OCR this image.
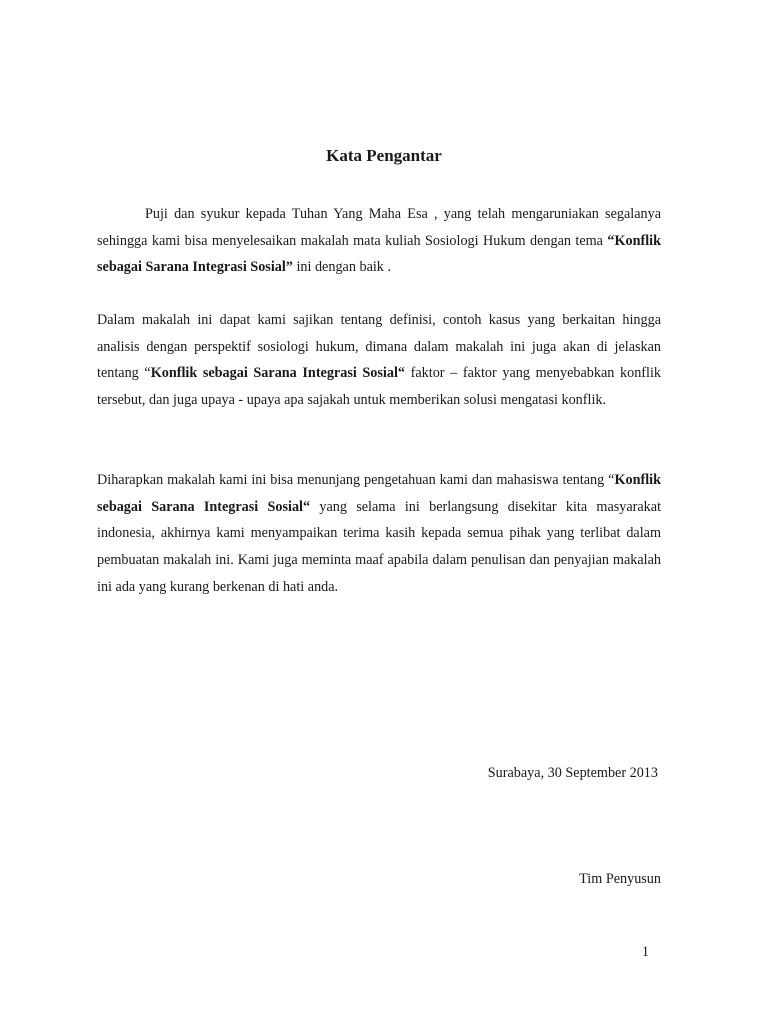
Kata Pengantar

Puji dan syukur kepada Tuhan Yang Maha Esa , yang telah mengaruniakan segalanya sehingga kami bisa menyelesaikan makalah mata kuliah Sosiologi Hukum dengan tema “Konflik sebagai Sarana Integrasi Sosial” ini dengan baik .

Dalam makalah ini dapat kami sajikan tentang definisi, contoh kasus yang berkaitan hingga analisis dengan perspektif sosiologi hukum, dimana dalam makalah ini juga akan di jelaskan tentang “Konflik sebagai Sarana Integrasi Sosial“ faktor – faktor yang menyebabkan konflik tersebut, dan juga upaya - upaya apa sajakah untuk memberikan solusi mengatasi konflik.

Diharapkan makalah kami ini bisa menunjang pengetahuan kami dan mahasiswa tentang “Konflik sebagai Sarana Integrasi Sosial“ yang selama ini berlangsung disekitar kita masyarakat indonesia, akhirnya kami menyampaikan terima kasih kepada semua pihak yang terlibat dalam pembuatan makalah ini. Kami juga meminta maaf apabila dalam penulisan dan penyajian makalah ini ada yang kurang berkenan di hati anda.

Surabaya, 30 September 2013

Tim Penyusun

1
